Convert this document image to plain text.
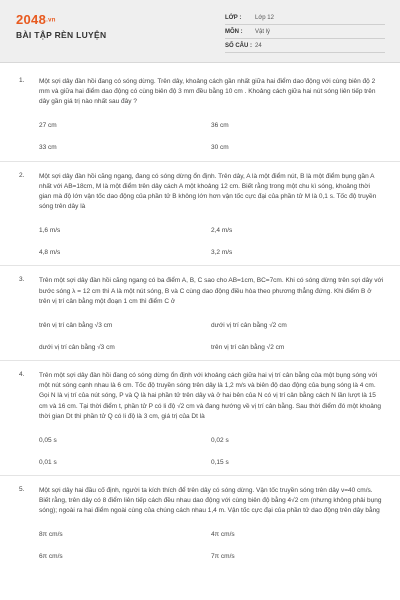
2048.vn
BÀI TẬP RÈN LUYỆN
LỚP :	Lớp 12
MÔN :	Vật lý
SỐ CÂU : 24
1. Một sợi dây đàn hồi đang có sóng dừng. Trên dây, khoảng cách gần nhất giữa hai điểm dao động với cùng biên độ 2 mm và giữa hai điểm dao động có cùng biên độ 3 mm đều bằng 10 cm . Khoảng cách giữa hai nút sóng liên tiếp trên dây gần giá trị nào nhất sau đây ?
27 cm	36 cm
33 cm	30 cm
2. Một sợi dây đàn hồi căng ngang, đang có sóng dừng ổn định. Trên dây, A là một điểm nút, B là một điểm bụng gần A nhất với AB=18cm, M là một điểm trên dây cách A một khoảng 12 cm. Biết rằng trong một chu kì sóng, khoảng thời gian mà độ lớn vận tốc dao động của phần tử B không lớn hơn vận tốc cực đại của phần tử M là 0,1 s. Tốc độ truyền sóng trên dây là
1,6 m/s	2,4 m/s
4,8 m/s	3,2 m/s
3. Trên một sợi dây đàn hồi căng ngang có ba điểm A, B, C sao cho AB=1cm, BC=7cm. Khi có sóng dừng trên sợi dây với bước sóng λ = 12 cm thì A là một nút sóng, B và C cùng dao động điều hòa theo phương thẳng đứng. Khi điểm B ở trên vị trí cân bằng một đoạn 1 cm thì điểm C ở
trên vị trí cân bằng √3 cm	dưới vị trí cân bằng √2 cm
dưới vị trí cân bằng √3 cm	trên vị trí cân bằng √2 cm
4. Trên một sợi dây đàn hồi đang có sóng dừng ổn định với khoảng cách giữa hai vị trí cân bằng của một bụng sóng với một nút sóng cạnh nhau là 6 cm. Tốc độ truyền sóng trên dây là 1,2 m/s và biên độ dao động của bụng sóng là 4 cm. Gọi N là vị trí của nút sóng, P và Q là hai phần tử trên dây và ở hai bên của N có vị trí cân bằng cách N lần lượt là 15 cm và 16 cm. Tại thời điểm t, phần tử P có li độ √2 cm và đang hướng về vị trí cân bằng. Sau thời điểm đó một khoảng thời gian Dt thì phần tử Q có li độ là 3 cm, giá trị của Dt là
0,05 s	0,02 s
0,01 s	0,15 s
5. Một sợi dây hai đầu cố định, người ta kích thích để trên dây có sóng dừng. Vận tốc truyền sóng trên dây v=40 cm/s. Biết rằng, trên dây có 8 điểm liên tiếp cách đều nhau dao động với cùng biên độ bằng 4√2 cm (nhưng không phải bụng sóng); ngoài ra hai điểm ngoài cùng của chúng cách nhau 1,4 m. Vận tốc cực đại của phần tử dao động trên dây bằng
8π cm/s	4π cm/s
6π cm/s	7π cm/s
